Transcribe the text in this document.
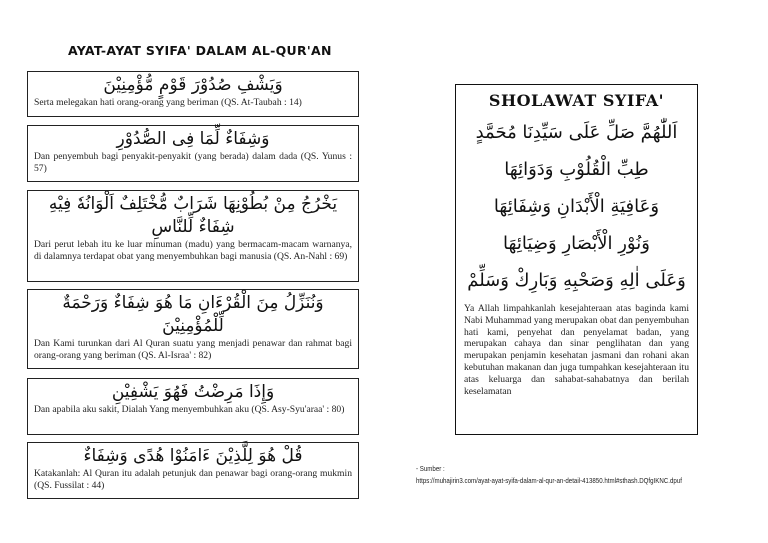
AYAT-AYAT SYIFA' DALAM AL-QUR'AN
وَيَشْفِ صُدُوْرَ قَوْمٍ مُّؤْمِنِيْنَ
Serta melegakan hati orang-orang yang beriman (QS. At-Taubah : 14)
وَشِفَاءٌ لِّمَا فِى الصُّدُوْرِ
Dan penyembuh bagi penyakit-penyakit (yang berada) dalam dada (QS. Yunus : 57)
يَخْرُجُ مِنْ بُطُوْنِهَا شَرَابٌ مُّخْتَلِفٌ اَلْوَانُهٗ فِيْهِ شِفَاءٌ لِّلنَّاسِ
Dari perut lebah itu ke luar minuman (madu) yang bermacam-macam warnanya, di dalamnya terdapat obat yang menyembuhkan bagi manusia (QS. An-Nahl : 69)
وَنُنَزِّلُ مِنَ الْقُرْءَانِ مَا هُوَ شِفَاءٌ وَرَحْمَةٌ لِّلْمُؤْمِنِيْنَ
Dan Kami turunkan dari Al Quran suatu yang menjadi penawar dan rahmat bagi orang-orang yang beriman (QS. Al-Israa' : 82)
وَإِذَا مَرِضْتُ فَهُوَ يَشْفِيْنِ
Dan apabila aku sakit, Dialah Yang menyembuhkan aku (QS. Asy-Syu'araa' : 80)
قُلْ هُوَ لِلَّذِيْنَ ءَامَنُوْا هُدًى وَشِفَاءٌ
Katakanlah: Al Quran itu adalah petunjuk dan penawar bagi orang-orang mukmin (QS. Fussilat : 44)
SHOLAWAT SYIFA'
اَللّٰهُمَّ صَلِّ عَلَى سَيِّدِنَا مُحَمَّدٍ
طِبِّ الْقُلُوْبِ وَدَوَائِهَا
وَعَافِيَةِ الْأَبْدَانِ وَشِفَائِهَا
وَنُوْرِ الْأَبْصَارِ وَضِيَائِهَا
وَعَلَى اٰلِهِ وَصَحْبِهِ وَبَارِكْ وَسَلِّمْ
Ya Allah limpahkanlah kesejahteraan atas baginda kami Nabi Muhammad yang merupakan obat dan penyembuhan hati kami, penyehat dan penyelamat badan, yang merupakan cahaya dan sinar penglihatan dan yang merupakan penjamin kesehatan jasmani dan rohani akan kebutuhan makanan dan juga tumpahkan kesejahteraan itu atas keluarga dan sahabat-sahabatnya dan berilah keselamatan
- Sumber :
https://muhajirin3.com/ayat-ayat-syifa-dalam-al-qur-an-detail-413850.html#sthash.DQfgIKNC.dpuf
